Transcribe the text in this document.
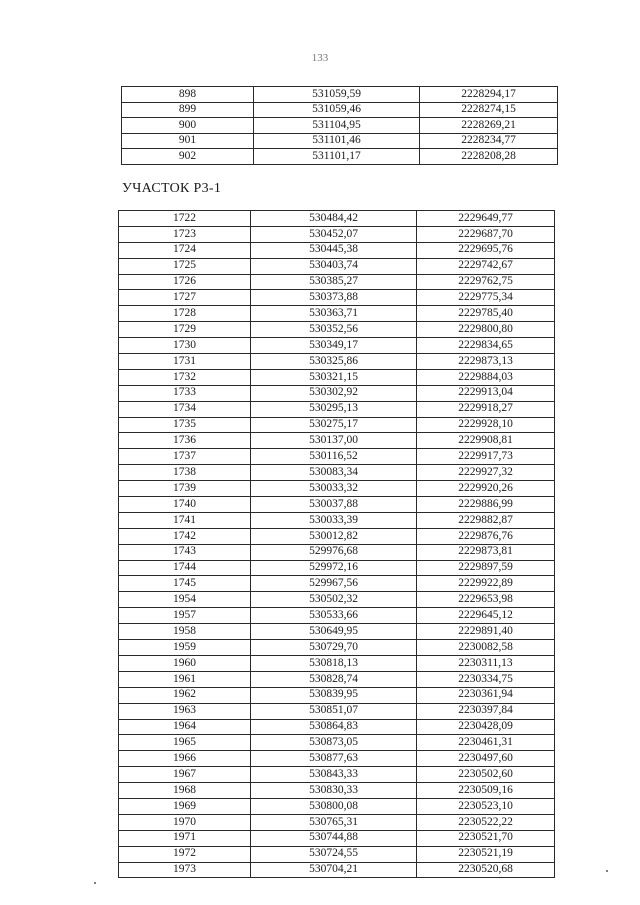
133
898	531059,59	2228294,17
899	531059,46	2228274,15
900	531104,95	2228269,21
901	531101,46	2228234,77
902	531101,17	2228208,28
УЧАСТОК Р3-1
1722	530484,42	2229649,77
1723	530452,07	2229687,70
1724	530445,38	2229695,76
1725	530403,74	2229742,67
1726	530385,27	2229762,75
1727	530373,88	2229775,34
1728	530363,71	2229785,40
1729	530352,56	2229800,80
1730	530349,17	2229834,65
1731	530325,86	2229873,13
1732	530321,15	2229884,03
1733	530302,92	2229913,04
1734	530295,13	2229918,27
1735	530275,17	2229928,10
1736	530137,00	2229908,81
1737	530116,52	2229917,73
1738	530083,34	2229927,32
1739	530033,32	2229920,26
1740	530037,88	2229886,99
1741	530033,39	2229882,87
1742	530012,82	2229876,76
1743	529976,68	2229873,81
1744	529972,16	2229897,59
1745	529967,56	2229922,89
1954	530502,32	2229653,98
1957	530533,66	2229645,12
1958	530649,95	2229891,40
1959	530729,70	2230082,58
1960	530818,13	2230311,13
1961	530828,74	2230334,75
1962	530839,95	2230361,94
1963	530851,07	2230397,84
1964	530864,83	2230428,09
1965	530873,05	2230461,31
1966	530877,63	2230497,60
1967	530843,33	2230502,60
1968	530830,33	2230509,16
1969	530800,08	2230523,10
1970	530765,31	2230522,22
1971	530744,88	2230521,70
1972	530724,55	2230521,19
1973	530704,21	2230520,68
